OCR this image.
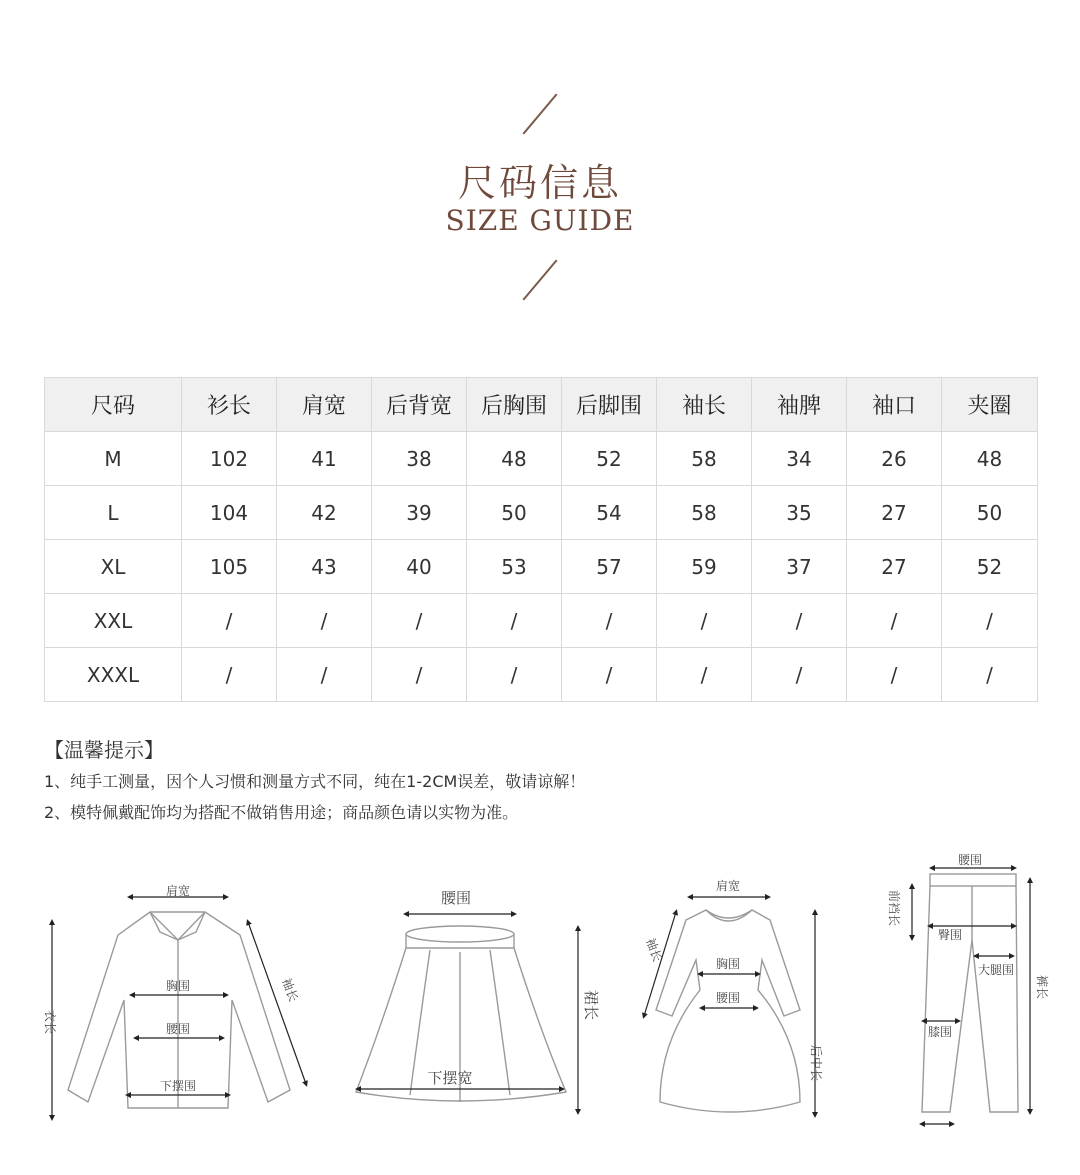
尺码信息
SIZE GUIDE
尺码	衫长	肩宽	后背宽	后胸围	后脚围	袖长	袖脾	袖口	夹圈
M	102	41	38	48	52	58	34	26	48
L	104	42	39	50	54	58	35	27	50
XL	105	43	40	53	57	59	37	27	52
XXL	/	/	/	/	/	/	/	/	/
XXXL	/	/	/	/	/	/	/	/	/
【温馨提示】
1、纯手工测量，因个人习惯和测量方式不同，纯在1-2CM误差，敬请谅解！
2、模特佩戴配饰均为搭配不做销售用途；商品颜色请以实物为准。
肩宽
胸围
腰围
下摆围
衣长
袖长
腰围
下摆宽
裙长
肩宽
袖长
胸围
腰围
后中长
腰围
前裆长
臀围
大腿围
膝围
裤长
